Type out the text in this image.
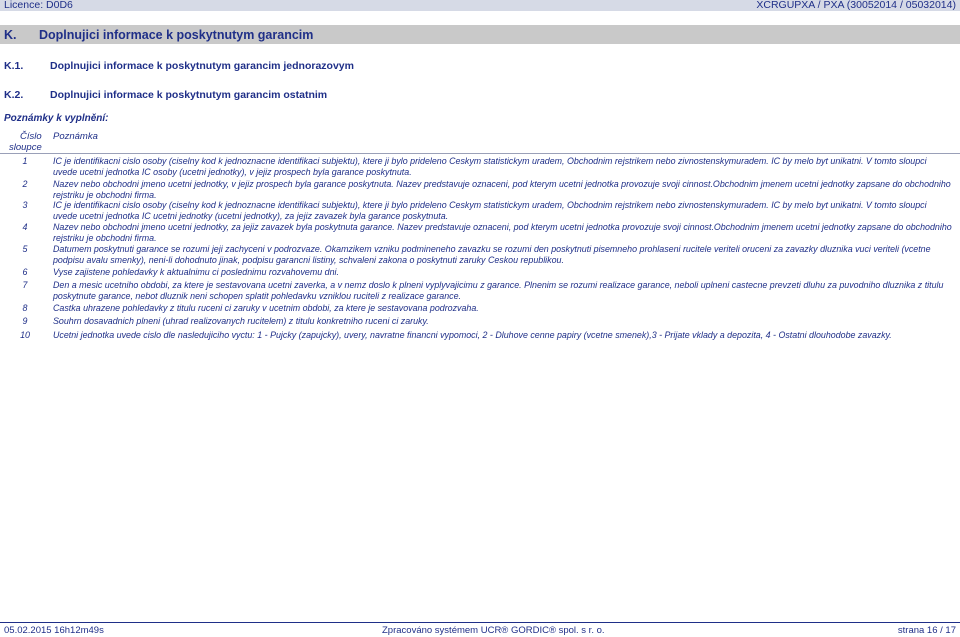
Licence: D0D6	XCRGUPXA / PXA (30052014 / 05032014)
K. Doplnujici informace k poskytnutym garancim
K.1.	Doplnujici informace k poskytnutym garancim jednorazovym
K.2.	Doplnujici informace k poskytnutym garancim ostatnim
Poznámky k vyplnění:
Číslo
sloupce
Poznámka
1	IC je identifikacni cislo osoby (ciselny kod k jednoznacne identifikaci subjektu), ktere ji bylo prideleno Ceskym statistickym uradem, Obchodnim rejstrikem nebo zivnostenskymuradem. IC by melo byt unikatni. V tomto sloupci uvede ucetni jednotka IC osoby (ucetni jednotky), v jejiz prospech byla garance poskytnuta.
2	Nazev nebo obchodni jmeno ucetni jednotky, v jejiz prospech byla garance poskytnuta. Nazev predstavuje oznaceni, pod kterym ucetni jednotka provozuje svoji cinnost.Obchodnim jmenem ucetni jednotky zapsane do obchodniho rejstriku je obchodni firma.
3	IC je identifikacni cislo osoby (ciselny kod k jednoznacne identifikaci subjektu), ktere ji bylo prideleno Ceskym statistickym uradem, Obchodnim rejstrikem nebo zivnostenskymuradem. IC by melo byt unikatni. V tomto sloupci uvede ucetni jednotka IC ucetni jednotky (ucetni jednotky), za jejiz zavazek byla garance poskytnuta.
4	Nazev nebo obchodni jmeno ucetni jednotky, za jejiz zavazek byla poskytnuta garance. Nazev predstavuje oznaceni, pod kterym ucetni jednotka provozuje svoji cinnost.Obchodnim jmenem ucetni jednotky zapsane do obchodniho rejstriku je obchodni firma.
5	Datumem poskytnuti garance se rozumi jeji zachyceni v podrozvaze. Okamzikem vzniku podmineneho zavazku se rozumi den poskytnuti pisemneho prohlaseni rucitele veriteli oruceni za zavazky dluznika vuci veriteli (vcetne podpisu avalu smenky), neni-li dohodnuto jinak, podpisu garancni listiny, schvaleni zakona o poskytnuti zaruky Ceskou republikou.
6	Vyse zajistene pohledavky k aktualnimu ci poslednimu rozvahovemu dni.
7	Den a mesic ucetniho obdobi, za ktere je sestavovana ucetni zaverka, a v nemz doslo k plneni vyplyvajicimu z garance. Plnenim se rozumi realizace garance, neboli uplneni castecne prevzeti dluhu za puvodniho dluznika z titulu poskytnute garance, nebot dluznik neni schopen splatit pohledavku vzniklou ruciteli z realizace garance.
8	Castka uhrazene pohledavky z titulu ruceni ci zaruky v ucetnim obdobi, za ktere je sestavovana podrozvaha.
9	Souhrn dosavadnich plneni (uhrad realizovanych rucitelem) z titulu konkretniho ruceni ci zaruky.
10	Ucetni jednotka uvede cislo dle nasledujiciho vyctu: 1 - Pujcky (zapujcky), uvery, navratne financni vypomoci, 2 - Dluhove cenne papiry (vcetne smenek),3 - Prijate vklady a depozita, 4 - Ostatni dlouhodobe zavazky.
05.02.2015 16h12m49s	Zpracováno systémem UCR® GORDIC® spol. s r. o.	strana 16 / 17
